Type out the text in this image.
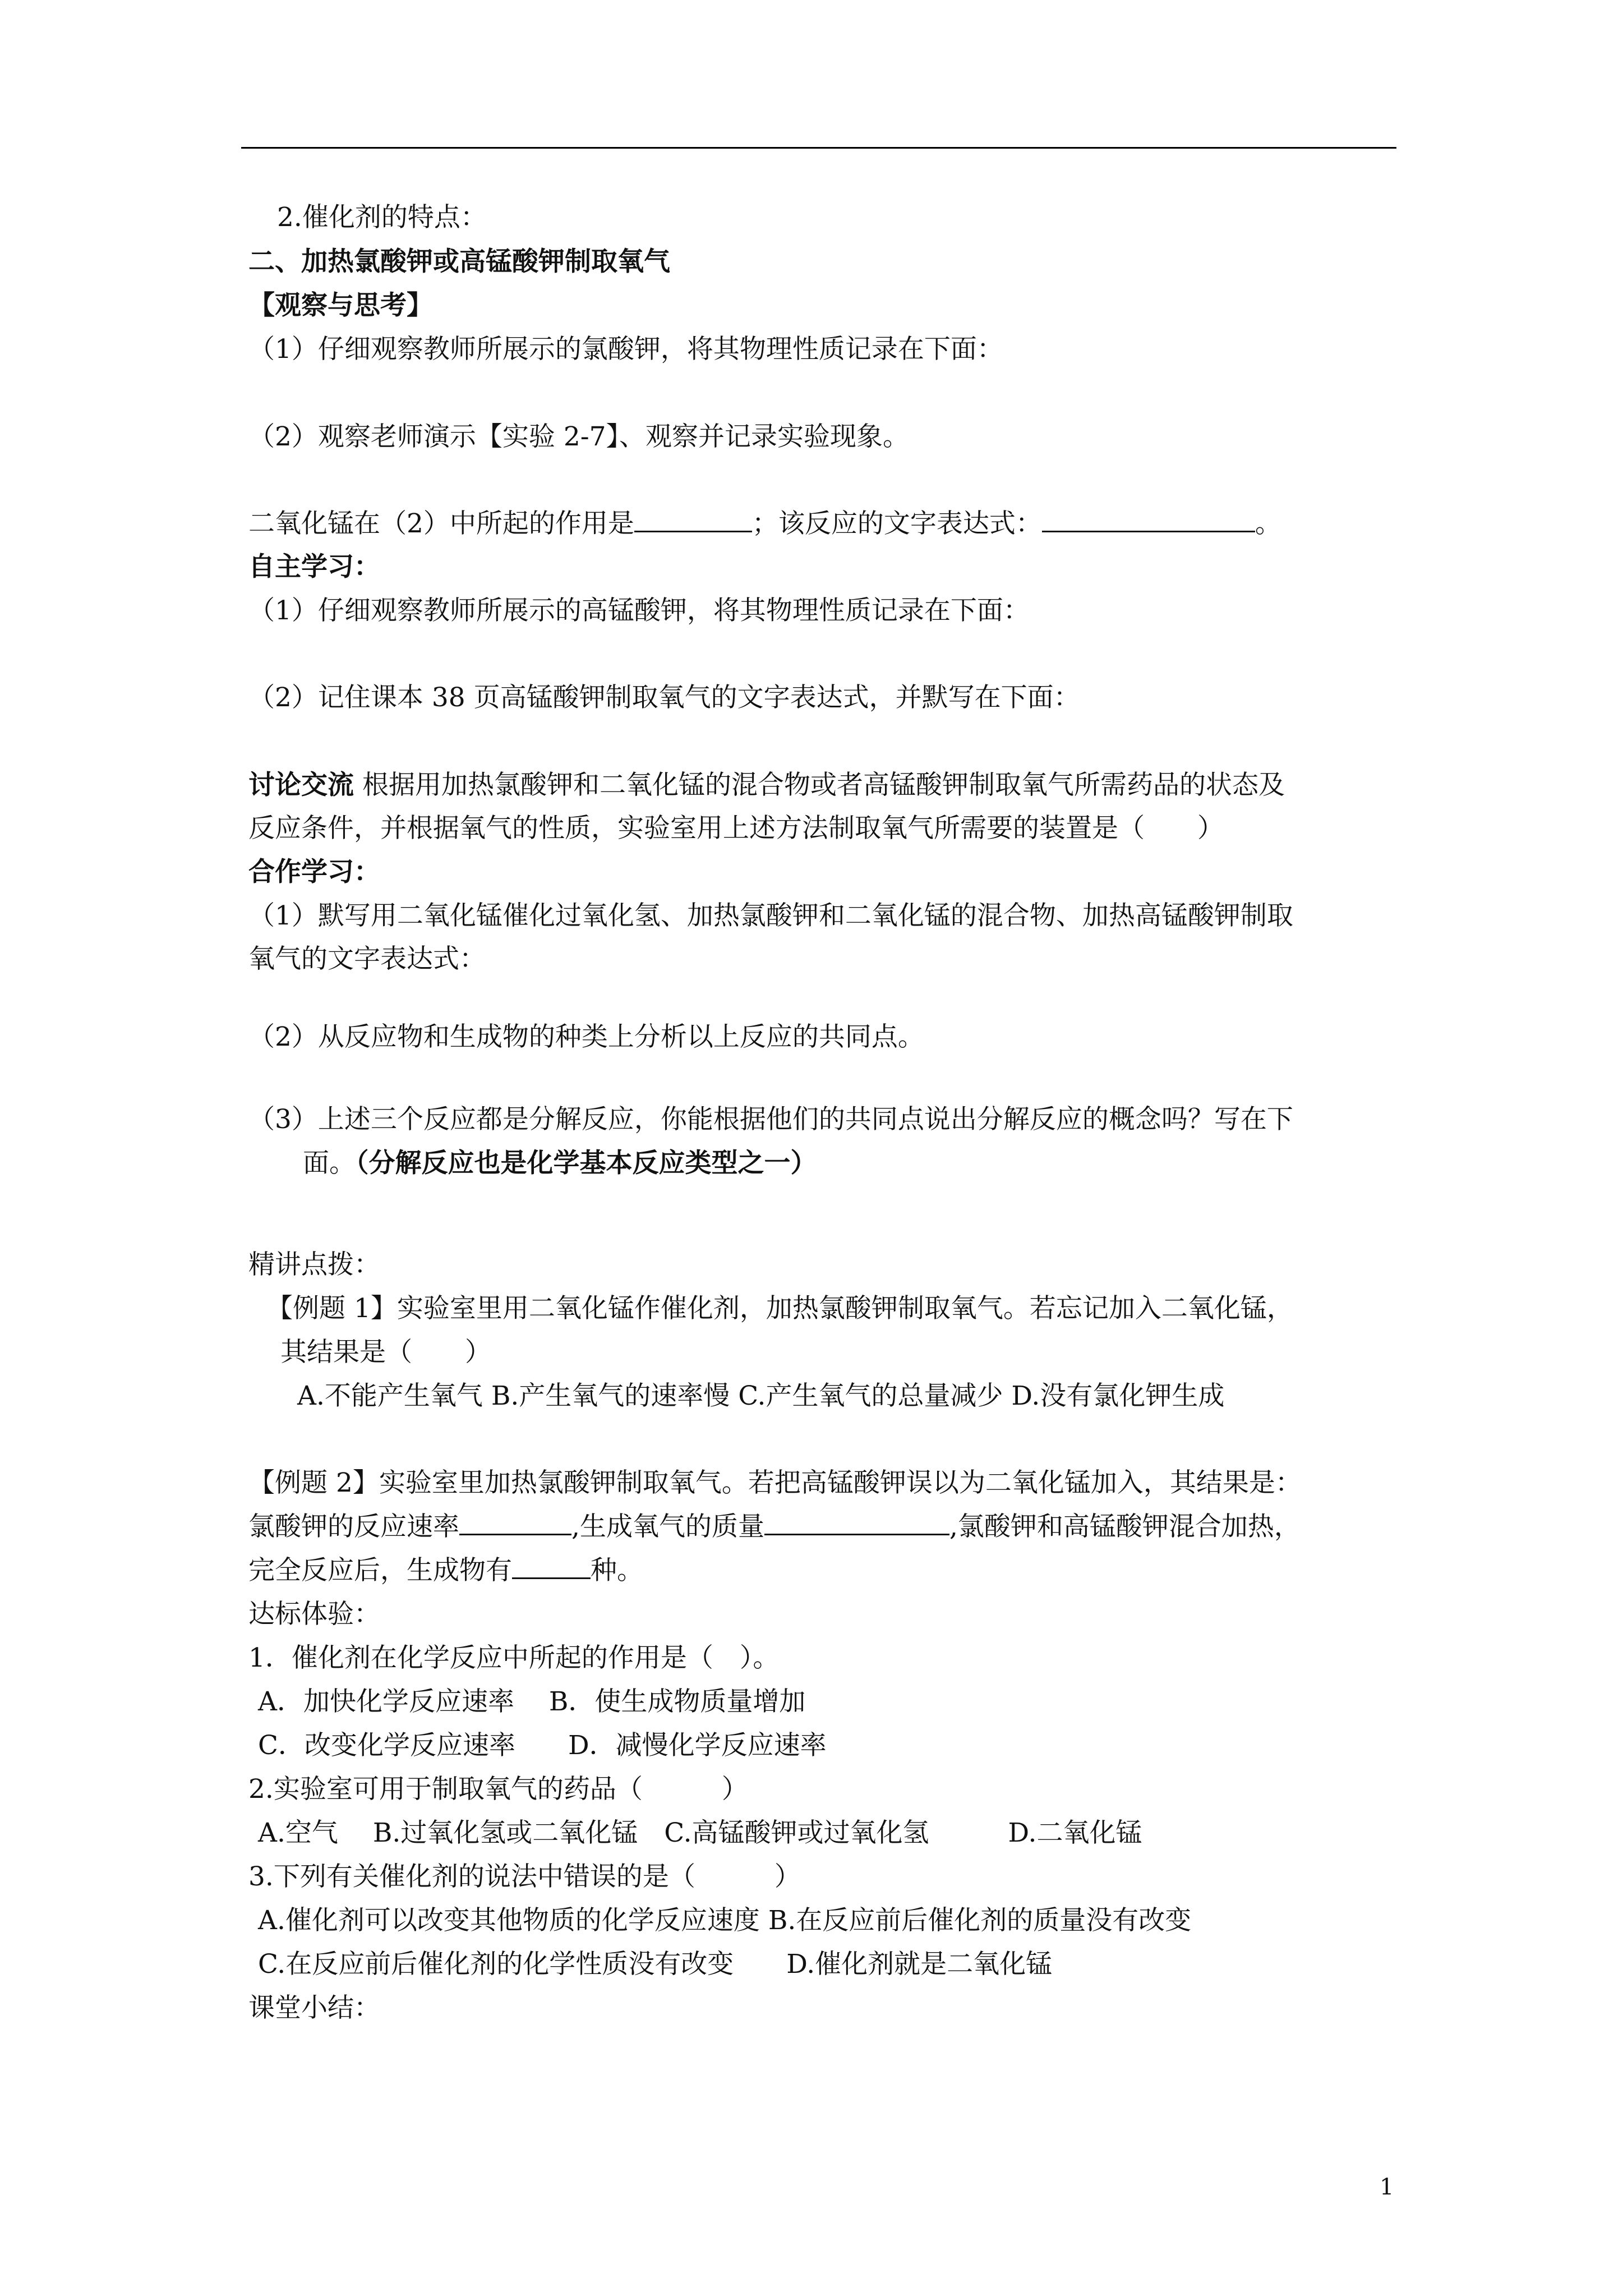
2.催化剂的特点：
二、加热氯酸钾或高锰酸钾制取氧气
【观察与思考】
（1）仔细观察教师所展示的氯酸钾，将其物理性质记录在下面：
（2）观察老师演示【实验 2-7】、观察并记录实验现象。
二氧化锰在（2）中所起的作用是	；该反应的文字表达式：	。
自主学习：
（1）仔细观察教师所展示的高锰酸钾，将其物理性质记录在下面：
（2）记住课本 38 页高锰酸钾制取氧气的文字表达式，并默写在下面：
讨论交流 根据用加热氯酸钾和二氧化锰的混合物或者高锰酸钾制取氧气所需药品的状态及
反应条件，并根据氧气的性质，实验室用上述方法制取氧气所需要的装置是（　　）
合作学习：
（1）默写用二氧化锰催化过氧化氢、加热氯酸钾和二氧化锰的混合物、加热高锰酸钾制取
氧气的文字表达式：
（2）从反应物和生成物的种类上分析以上反应的共同点。
（3）上述三个反应都是分解反应，你能根据他们的共同点说出分解反应的概念吗？写在下
面。（分解反应也是化学基本反应类型之一）
精讲点拨：
【例题 1】实验室里用二氧化锰作催化剂，加热氯酸钾制取氧气。若忘记加入二氧化锰，
其结果是（　　）
A.不能产生氧气 B.产生氧气的速率慢 C.产生氧气的总量减少 D.没有氯化钾生成
【例题 2】实验室里加热氯酸钾制取氧气。若把高锰酸钾误以为二氧化锰加入，其结果是：
氯酸钾的反应速率	,生成氧气的质量	,氯酸钾和高锰酸钾混合加热，
完全反应后，生成物有	种。
达标体验：
1．催化剂在化学反应中所起的作用是（　）。
A．加快化学反应速率　 B．使生成物质量增加
C．改变化学反应速率　　D．减慢化学反应速率
2.实验室可用于制取氧气的药品（　　　）
A.空气　 B.过氧化氢或二氧化锰　C.高锰酸钾或过氧化氢　　　D.二氧化锰
3.下列有关催化剂的说法中错误的是（　　　）
A.催化剂可以改变其他物质的化学反应速度 B.在反应前后催化剂的质量没有改变
C.在反应前后催化剂的化学性质没有改变　　D.催化剂就是二氧化锰
课堂小结：
1
